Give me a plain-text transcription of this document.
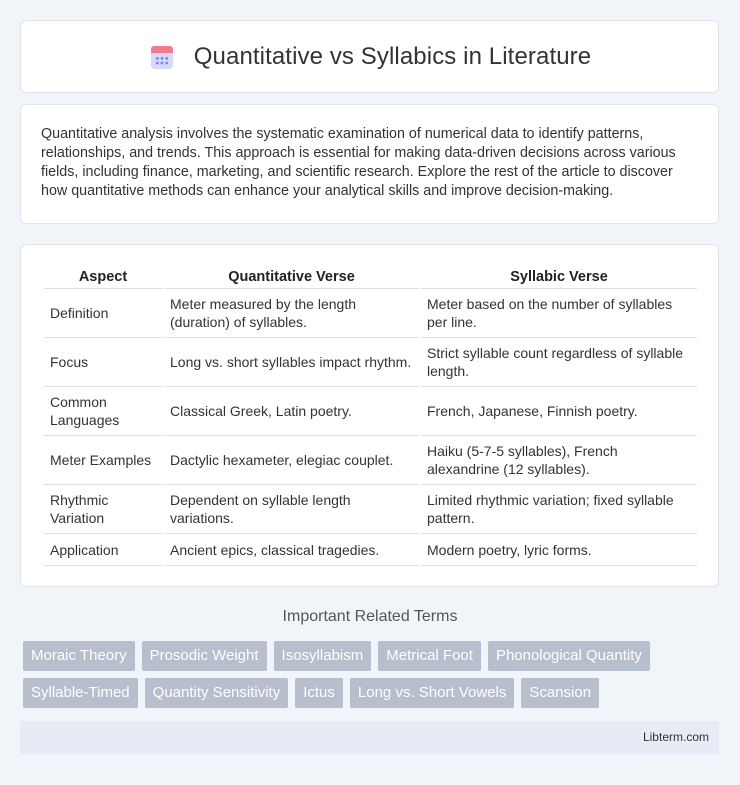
Quantitative vs Syllabics in Literature

Quantitative analysis involves the systematic examination of numerical data to identify patterns, relationships, and trends. This approach is essential for making data-driven decisions across various fields, including finance, marketing, and scientific research. Explore the rest of the article to discover how quantitative methods can enhance your analytical skills and improve decision-making.

Aspect	Quantitative Verse	Syllabic Verse
Definition	Meter measured by the length (duration) of syllables.	Meter based on the number of syllables per line.
Focus	Long vs. short syllables impact rhythm.	Strict syllable count regardless of syllable length.
Common Languages	Classical Greek, Latin poetry.	French, Japanese, Finnish poetry.
Meter Examples	Dactylic hexameter, elegiac couplet.	Haiku (5-7-5 syllables), French alexandrine (12 syllables).
Rhythmic Variation	Dependent on syllable length variations.	Limited rhythmic variation; fixed syllable pattern.
Application	Ancient epics, classical tragedies.	Modern poetry, lyric forms.
Important Related Terms
Moraic Theory	Prosodic Weight	Isosyllabism	Metrical Foot	Phonological Quantity
Syllable-Timed	Quantity Sensitivity	Ictus	Long vs. Short Vowels	Scansion
Libterm.com
